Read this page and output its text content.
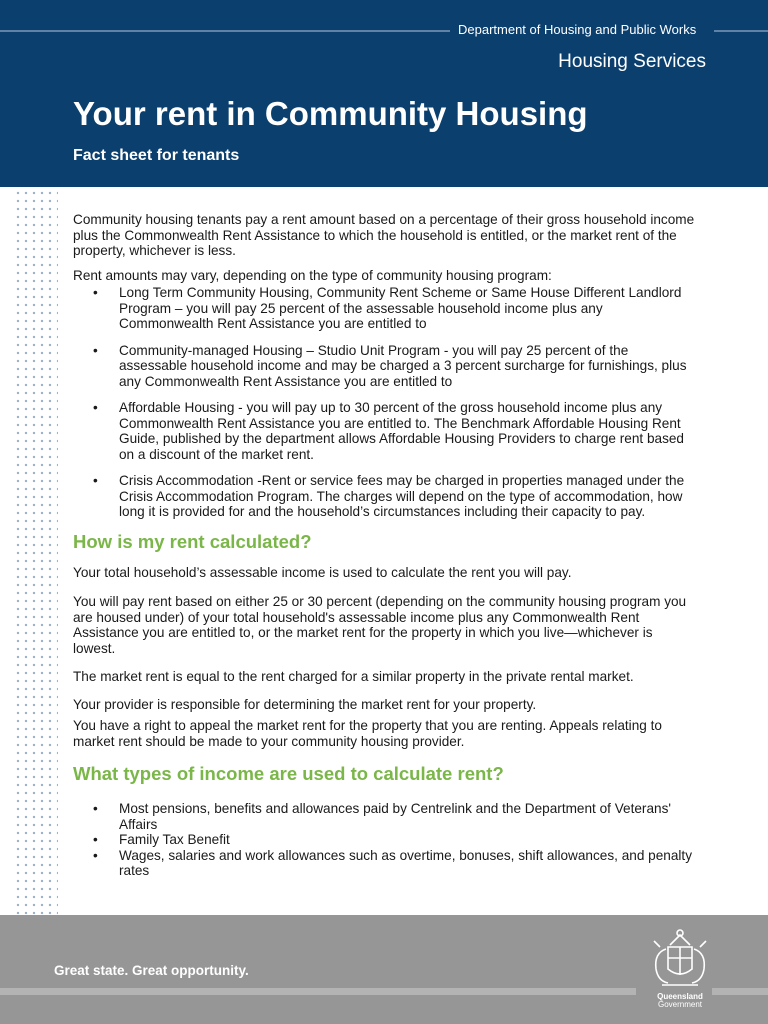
Department of Housing and Public Works
Housing Services
Your rent in Community Housing
Fact sheet for tenants

Community housing tenants pay a rent amount based on a percentage of their gross household income plus the Commonwealth Rent Assistance to which the household is entitled, or the market rent of the property, whichever is less.

Rent amounts may vary, depending on the type of community housing program:

• Long Term Community Housing, Community Rent Scheme or Same House Different Landlord Program – you will pay 25 percent of the assessable household income plus any Commonwealth Rent Assistance you are entitled to
• Community-managed Housing – Studio Unit Program - you will pay 25 percent of the assessable household income and may be charged a 3 percent surcharge for furnishings, plus any Commonwealth Rent Assistance you are entitled to
• Affordable Housing - you will pay up to 30 percent of the gross household income plus any Commonwealth Rent Assistance you are entitled to. The Benchmark Affordable Housing Rent Guide, published by the department allows Affordable Housing Providers to charge rent based on a discount of the market rent.
• Crisis Accommodation -Rent or service fees may be charged in properties managed under the Crisis Accommodation Program. The charges will depend on the type of accommodation, how long it is provided for and the household’s circumstances including their capacity to pay.
How is my rent calculated?

Your total household’s assessable income is used to calculate the rent you will pay.

You will pay rent based on either 25 or 30 percent (depending on the community housing program you are housed under) of your total household's assessable income plus any Commonwealth Rent Assistance you are entitled to, or the market rent for the property in which you live—whichever is lowest.

The market rent is equal to the rent charged for a similar property in the private rental market.

Your provider is responsible for determining the market rent for your property.

You have a right to appeal the market rent for the property that you are renting. Appeals relating to market rent should be made to your community housing provider.

What types of income are used to calculate rent?
• Most pensions, benefits and allowances paid by Centrelink and the Department of Veterans' Affairs
• Family Tax Benefit
• Wages, salaries and work allowances such as overtime, bonuses, shift allowances, and penalty rates
Great state. Great opportunity.
Queensland
Government
